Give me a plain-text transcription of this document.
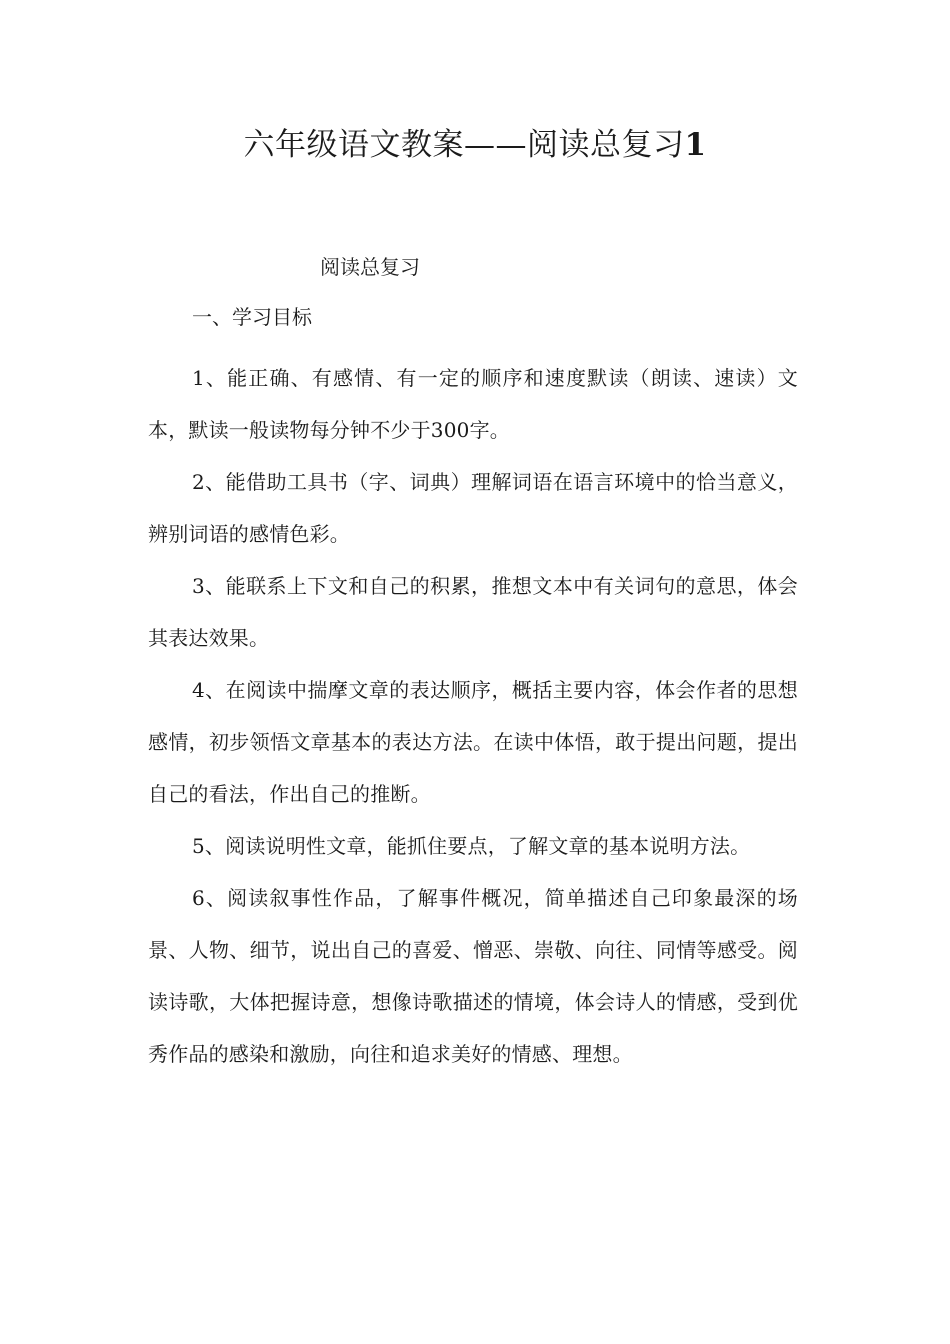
六年级语文教案——阅读总复习1

阅读总复习

一、学习目标

1、能正确、有感情、有一定的顺序和速度默读（朗读、速读）文本，默读一般读物每分钟不少于300字。

2、能借助工具书（字、词典）理解词语在语言环境中的恰当意义，辨别词语的感情色彩。

3、能联系上下文和自己的积累，推想文本中有关词句的意思，体会其表达效果。

4、在阅读中揣摩文章的表达顺序，概括主要内容，体会作者的思想感情，初步领悟文章基本的表达方法。在读中体悟，敢于提出问题，提出自己的看法，作出自己的推断。

5、阅读说明性文章，能抓住要点，了解文章的基本说明方法。

6、阅读叙事性作品，了解事件概况，简单描述自己印象最深的场景、人物、细节，说出自己的喜爱、憎恶、崇敬、向往、同情等感受。阅读诗歌，大体把握诗意，想像诗歌描述的情境，体会诗人的情感，受到优秀作品的感染和激励，向往和追求美好的情感、理想。
